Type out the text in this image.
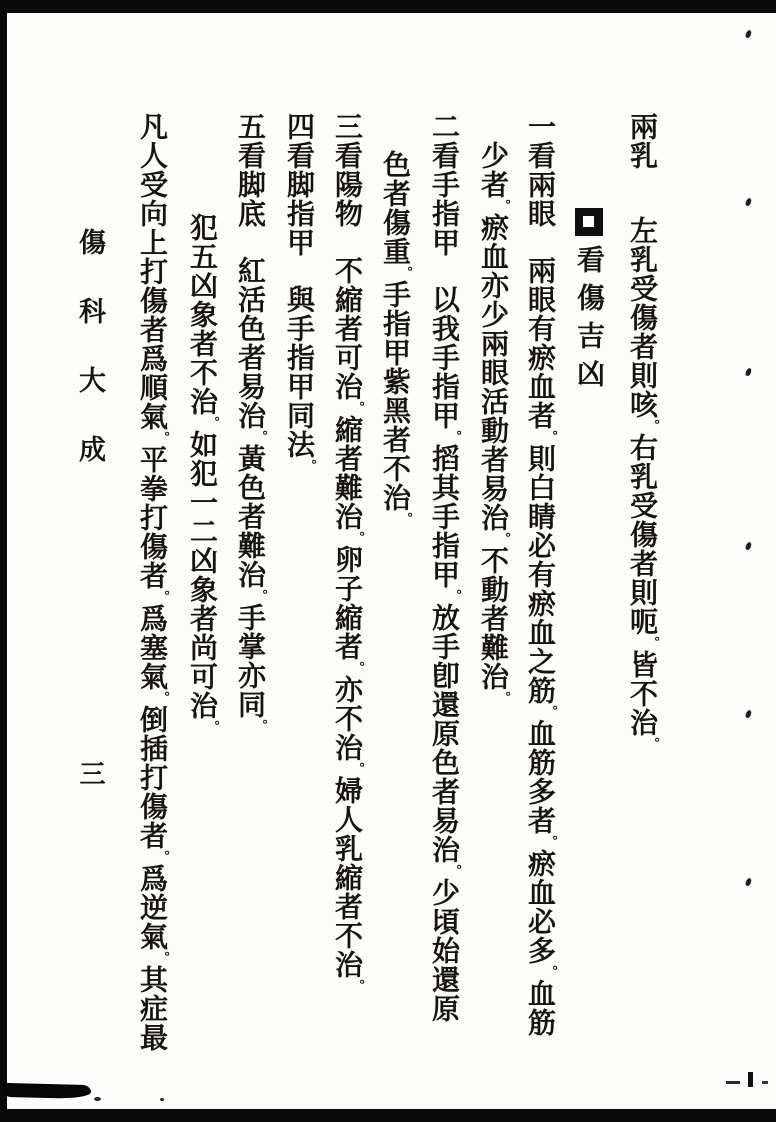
兩乳左乳受傷者則咳。右乳受傷者則呃。皆不治。
看傷吉凶
一看兩眼兩眼有瘀血者。則白睛必有瘀血之筋。血筋多者。瘀血必多。血筋
少者。瘀血亦少兩眼活動者易治。不動者難治。
二看手指甲以我手指甲。搯其手指甲。放手卽還原色者易治。少頃始還原
色者傷重。手指甲紫黑者不治。
三看陽物不縮者可治。縮者難治。卵子縮者。亦不治。婦人乳縮者不治。
四看脚指甲與手指甲同法。
五看脚底紅活色者易治。黃色者難治。手掌亦同。
犯五凶象者不治。如犯一二凶象者尚可治。
凡人受向上打傷者爲順氣。平拳打傷者。爲塞氣。倒插打傷者。爲逆氣。其症最
傷科大成
三
